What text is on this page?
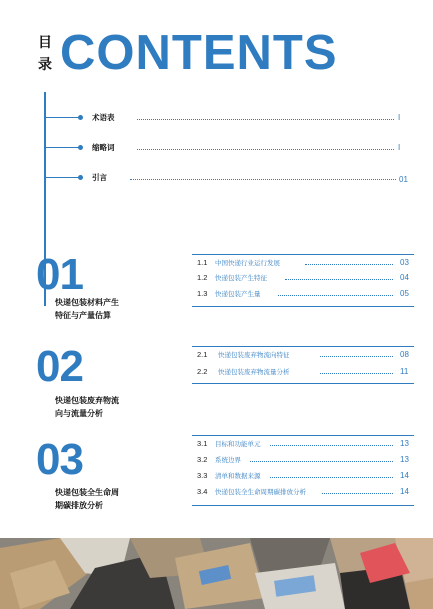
目
录 CONTENTS
术语表	I
缩略词	I
引言	01
01
快递包装材料产生
特征与产量估算
1.1 中国快递行业运行发展	03
1.2 快递包装产生特征	04
1.3 快递包装产生量	05
02
快递包装废弃物流
向与流量分析
2.1 快递包装废弃物流向特征	08
2.2 快递包装废弃物流量分析	11
03
快递包装全生命周
期碳排放分析
3.1 目标和功能单元	13
3.2 系统边界	13
3.3 清单和数据来源	14
3.4 快递包装全生命周期碳排放分析	14
